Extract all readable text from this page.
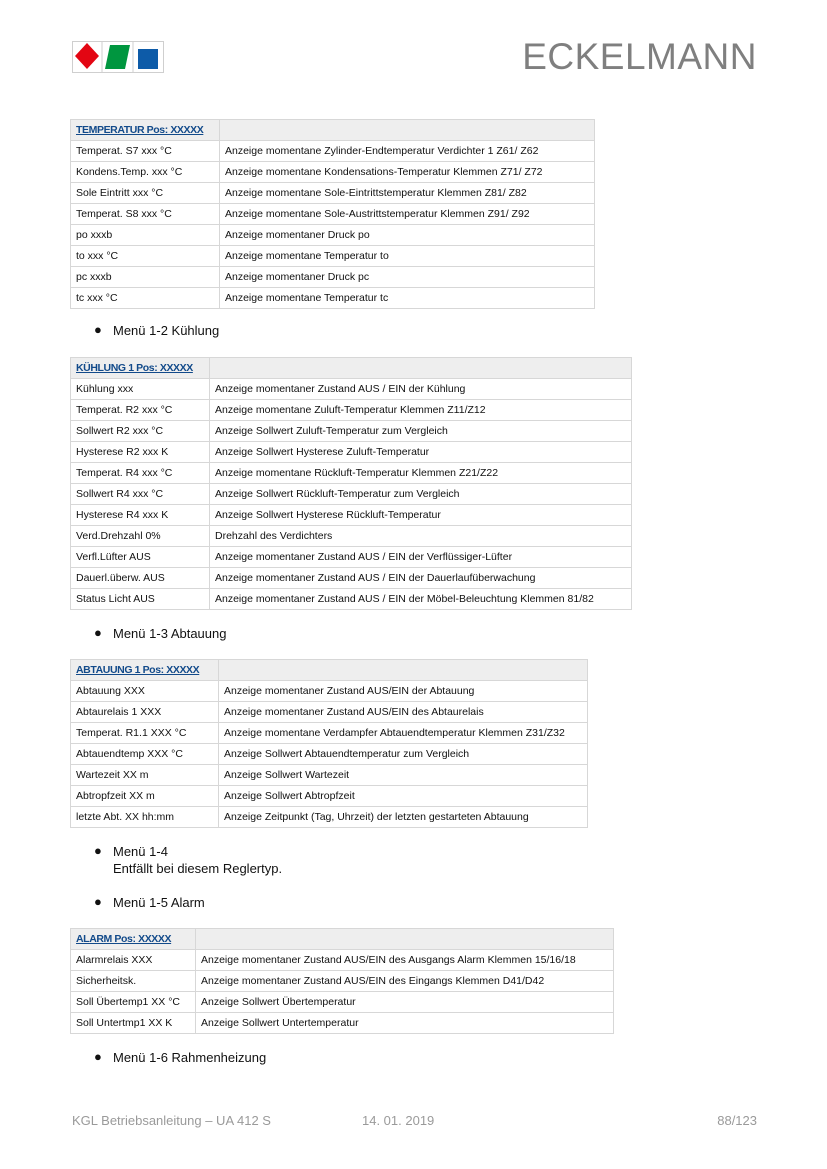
ECKELMANN
TEMPERATUR Pos: XXXXX	
Temperat. S7 xxx °C	Anzeige momentane Zylinder-Endtemperatur Verdichter 1 Z61/ Z62
Kondens.Temp. xxx °C	Anzeige momentane Kondensations-Temperatur Klemmen Z71/ Z72
Sole Eintritt xxx °C	Anzeige momentane Sole-Eintrittstemperatur Klemmen Z81/ Z82
Temperat. S8 xxx °C	Anzeige momentane Sole-Austrittstemperatur Klemmen Z91/ Z92
po xxxb	Anzeige momentaner Druck po
to xxx °C	Anzeige momentane Temperatur to
pc xxxb	Anzeige momentaner Druck pc
tc xxx °C	Anzeige momentane Temperatur tc
● Menü 1-2 Kühlung
KÜHLUNG 1 Pos: XXXXX	
Kühlung xxx	Anzeige momentaner Zustand AUS / EIN der Kühlung
Temperat. R2 xxx °C	Anzeige momentane Zuluft-Temperatur Klemmen Z11/Z12
Sollwert R2 xxx °C	Anzeige Sollwert Zuluft-Temperatur zum Vergleich
Hysterese R2 xxx K	Anzeige Sollwert Hysterese Zuluft-Temperatur
Temperat. R4 xxx °C	Anzeige momentane Rückluft-Temperatur Klemmen Z21/Z22
Sollwert R4 xxx °C	Anzeige Sollwert Rückluft-Temperatur zum Vergleich
Hysterese R4 xxx K	Anzeige Sollwert Hysterese Rückluft-Temperatur
Verd.Drehzahl 0%	Drehzahl des Verdichters
Verfl.Lüfter AUS	Anzeige momentaner Zustand AUS / EIN der Verflüssiger-Lüfter
Dauerl.überw. AUS	Anzeige momentaner Zustand AUS / EIN der Dauerlaufüberwachung
Status Licht AUS	Anzeige momentaner Zustand AUS / EIN der Möbel-Beleuchtung Klemmen 81/82
● Menü 1-3 Abtauung
ABTAUUNG 1 Pos: XXXXX	
Abtauung XXX	Anzeige momentaner Zustand AUS/EIN der Abtauung
Abtaurelais 1 XXX	Anzeige momentaner Zustand AUS/EIN des Abtaurelais
Temperat. R1.1 XXX °C	Anzeige momentane Verdampfer Abtauendtemperatur Klemmen Z31/Z32
Abtauendtemp XXX °C	Anzeige Sollwert Abtauendtemperatur zum Vergleich
Wartezeit XX m	Anzeige Sollwert Wartezeit
Abtropfzeit XX m	Anzeige Sollwert Abtropfzeit
letzte Abt. XX hh:mm	Anzeige Zeitpunkt (Tag, Uhrzeit) der letzten gestarteten Abtauung
● Menü 1-4
Entfällt bei diesem Reglertyp.
● Menü 1-5 Alarm
ALARM Pos: XXXXX	
Alarmrelais XXX	Anzeige momentaner Zustand AUS/EIN des Ausgangs Alarm Klemmen 15/16/18
Sicherheitsk.	Anzeige momentaner Zustand AUS/EIN des Eingangs Klemmen D41/D42
Soll Übertemp1 XX °C	Anzeige Sollwert Übertemperatur
Soll Untertmp1 XX K	Anzeige Sollwert Untertemperatur
● Menü 1-6 Rahmenheizung
KGL Betriebsanleitung – UA 412 S	14. 01. 2019	88/123
